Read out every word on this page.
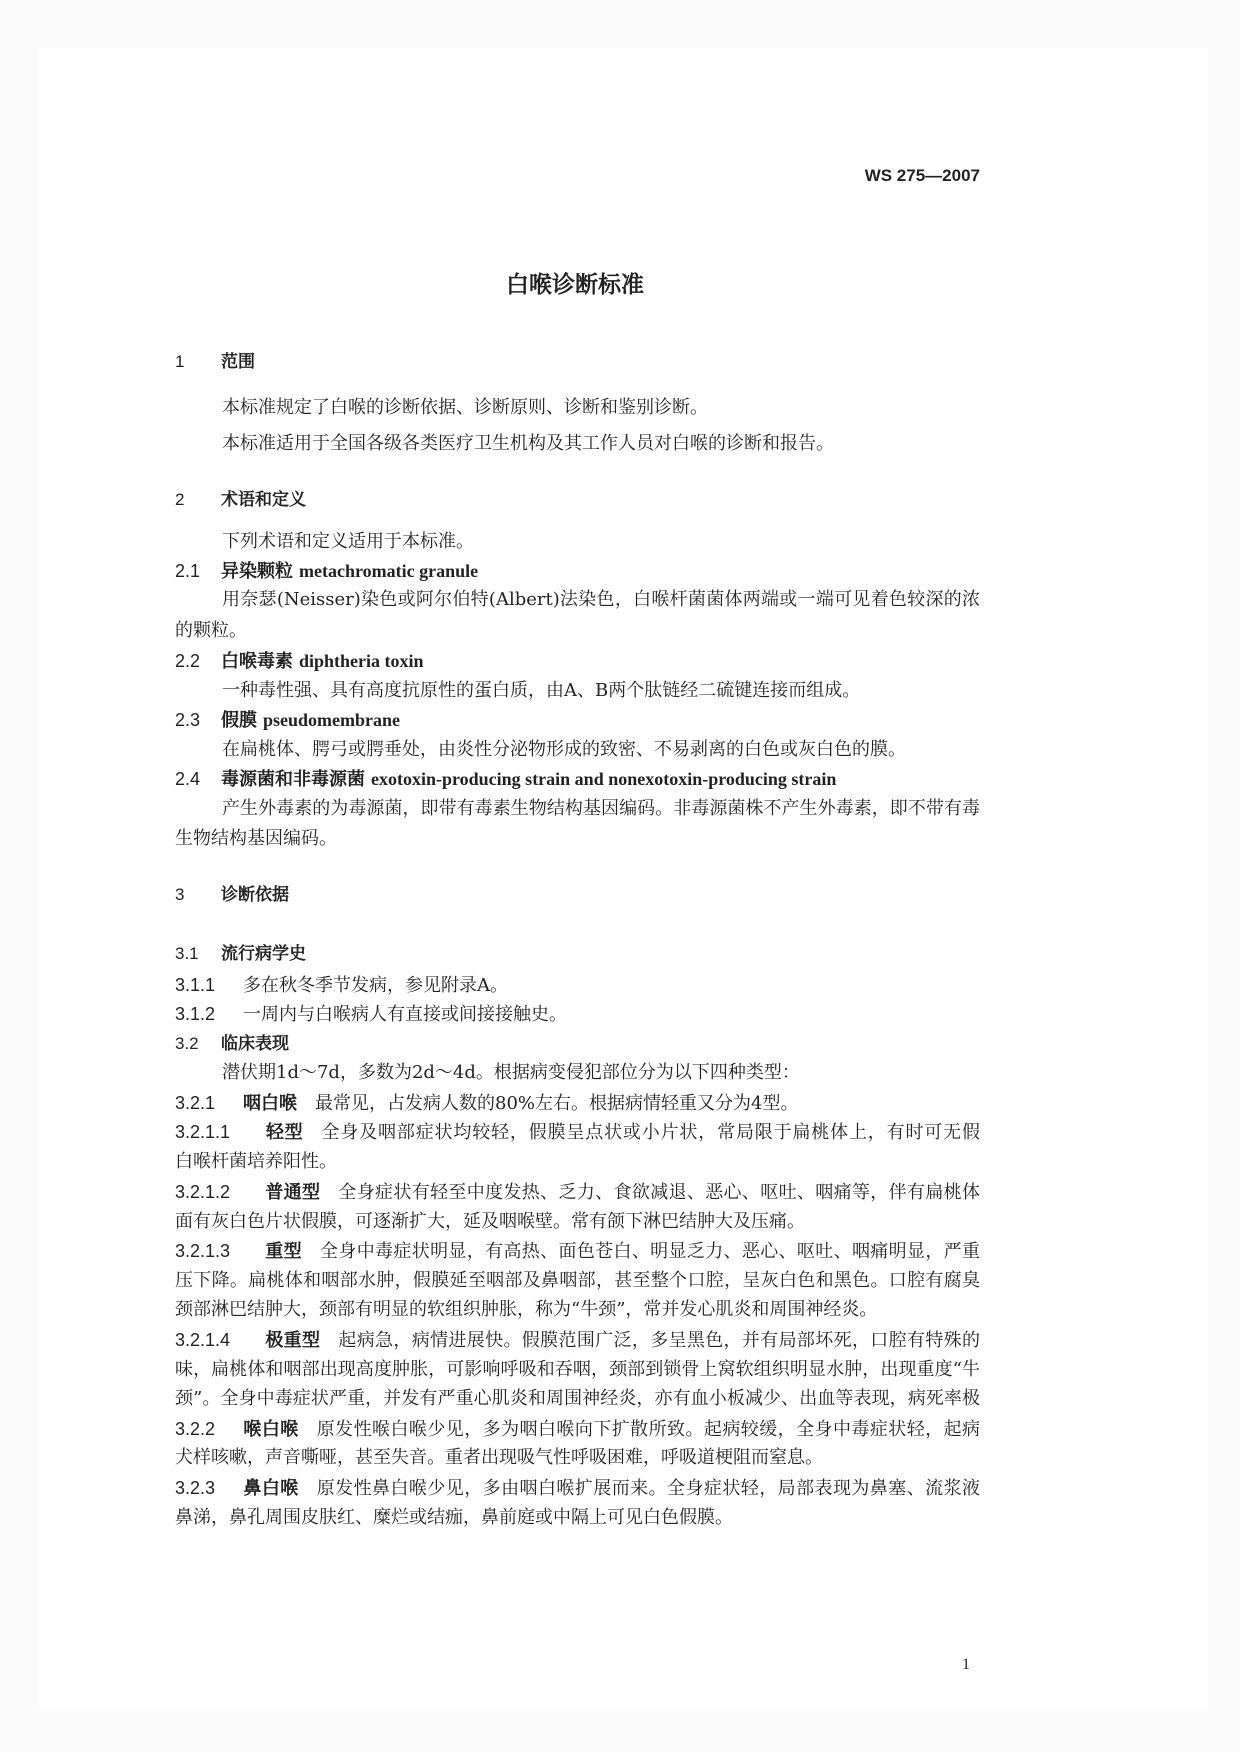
WS 275—2007
白喉诊断标准
1 范围
本标准规定了白喉的诊断依据、诊断原则、诊断和鉴别诊断。
本标准适用于全国各级各类医疗卫生机构及其工作人员对白喉的诊断和报告。
2 术语和定义
下列术语和定义适用于本标准。
2.1 异染颗粒 metachromatic granule
用奈瑟(Neisser)染色或阿尔伯特(Albert)法染色，白喉杆菌菌体两端或一端可见着色较深的浓
的颗粒。
2.2 白喉毒素 diphtheria toxin
一种毒性强、具有高度抗原性的蛋白质，由A、B两个肽链经二硫键连接而组成。
2.3 假膜 pseudomembrane
在扁桃体、腭弓或腭垂处，由炎性分泌物形成的致密、不易剥离的白色或灰白色的膜。
2.4 毒源菌和非毒源菌 exotoxin-producing strain and nonexotoxin-producing strain
产生外毒素的为毒源菌，即带有毒素生物结构基因编码。非毒源菌株不产生外毒素，即不带有毒
生物结构基因编码。
3 诊断依据
3.1 流行病学史
3.1.1 多在秋冬季节发病，参见附录A。
3.1.2 一周内与白喉病人有直接或间接接触史。
3.2 临床表现
潜伏期1d～7d，多数为2d～4d。根据病变侵犯部位分为以下四种类型：
3.2.1 咽白喉 最常见，占发病人数的80%左右。根据病情轻重又分为4型。
3.2.1.1 轻型 全身及咽部症状均较轻，假膜呈点状或小片状，常局限于扁桃体上，有时可无假
白喉杆菌培养阳性。
3.2.1.2 普通型 全身症状有轻至中度发热、乏力、食欲减退、恶心、呕吐、咽痛等，伴有扁桃体
面有灰白色片状假膜，可逐渐扩大，延及咽喉壁。常有颌下淋巴结肿大及压痛。
3.2.1.3 重型 全身中毒症状明显，有高热、面色苍白、明显乏力、恶心、呕吐、咽痛明显，严重
压下降。扁桃体和咽部水肿，假膜延至咽部及鼻咽部，甚至整个口腔，呈灰白色和黑色。口腔有腐臭
颈部淋巴结肿大，颈部有明显的软组织肿胀，称为“牛颈”，常并发心肌炎和周围神经炎。
3.2.1.4 极重型 起病急，病情进展快。假膜范围广泛，多呈黑色，并有局部坏死，口腔有特殊的
味，扁桃体和咽部出现高度肿胀，可影响呼吸和吞咽，颈部到锁骨上窝软组织明显水肿，出现重度“牛
颈”。全身中毒症状严重，并发有严重心肌炎和周围神经炎，亦有血小板减少、出血等表现，病死率极
3.2.2 喉白喉 原发性喉白喉少见，多为咽白喉向下扩散所致。起病较缓，全身中毒症状轻，起病
犬样咳嗽，声音嘶哑，甚至失音。重者出现吸气性呼吸困难，呼吸道梗阻而窒息。
3.2.3 鼻白喉 原发性鼻白喉少见，多由咽白喉扩展而来。全身症状轻，局部表现为鼻塞、流浆液
鼻涕，鼻孔周围皮肤红、糜烂或结痂，鼻前庭或中隔上可见白色假膜。
1
